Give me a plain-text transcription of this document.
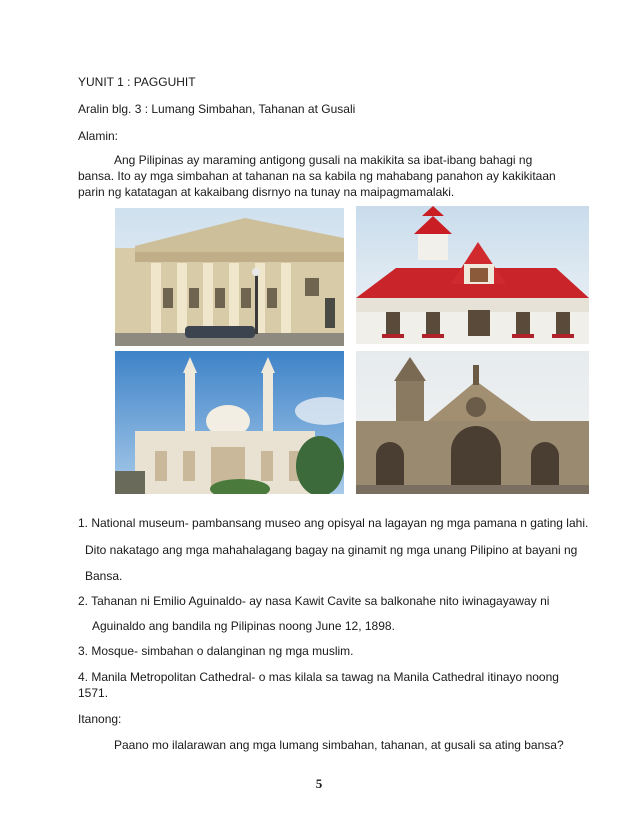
YUNIT 1 : PAGGUHIT
Aralin blg. 3 : Lumang Simbahan, Tahanan at Gusali
Alamin:
Ang Pilipinas ay maraming antigong gusali na makikita sa ibat-ibang bahagi ng bansa. Ito ay mga simbahan at tahanan na sa kabila ng mahabang panahon ay kakikitaan parin ng katatagan at kakaibang disrnyo na tunay na maipagmamalaki.
1. National museum- pambansang museo ang opisyal na lagayan ng mga pamana n gating lahi.
Dito nakatago ang mga mahahalagang bagay na ginamit ng mga unang Pilipino at bayani ng
Bansa.
2. Tahanan ni Emilio Aguinaldo- ay nasa Kawit Cavite sa balkonahe nito iwinagayaway ni
Aguinaldo ang bandila ng Pilipinas noong June 12, 1898.
3. Mosque- simbahan o dalanginan ng mga muslim.
4. Manila Metropolitan Cathedral- o mas kilala sa tawag na Manila Cathedral itinayo noong
1571.
Itanong:
Paano mo ilalarawan ang mga lumang simbahan, tahanan, at gusali sa ating bansa?
5
